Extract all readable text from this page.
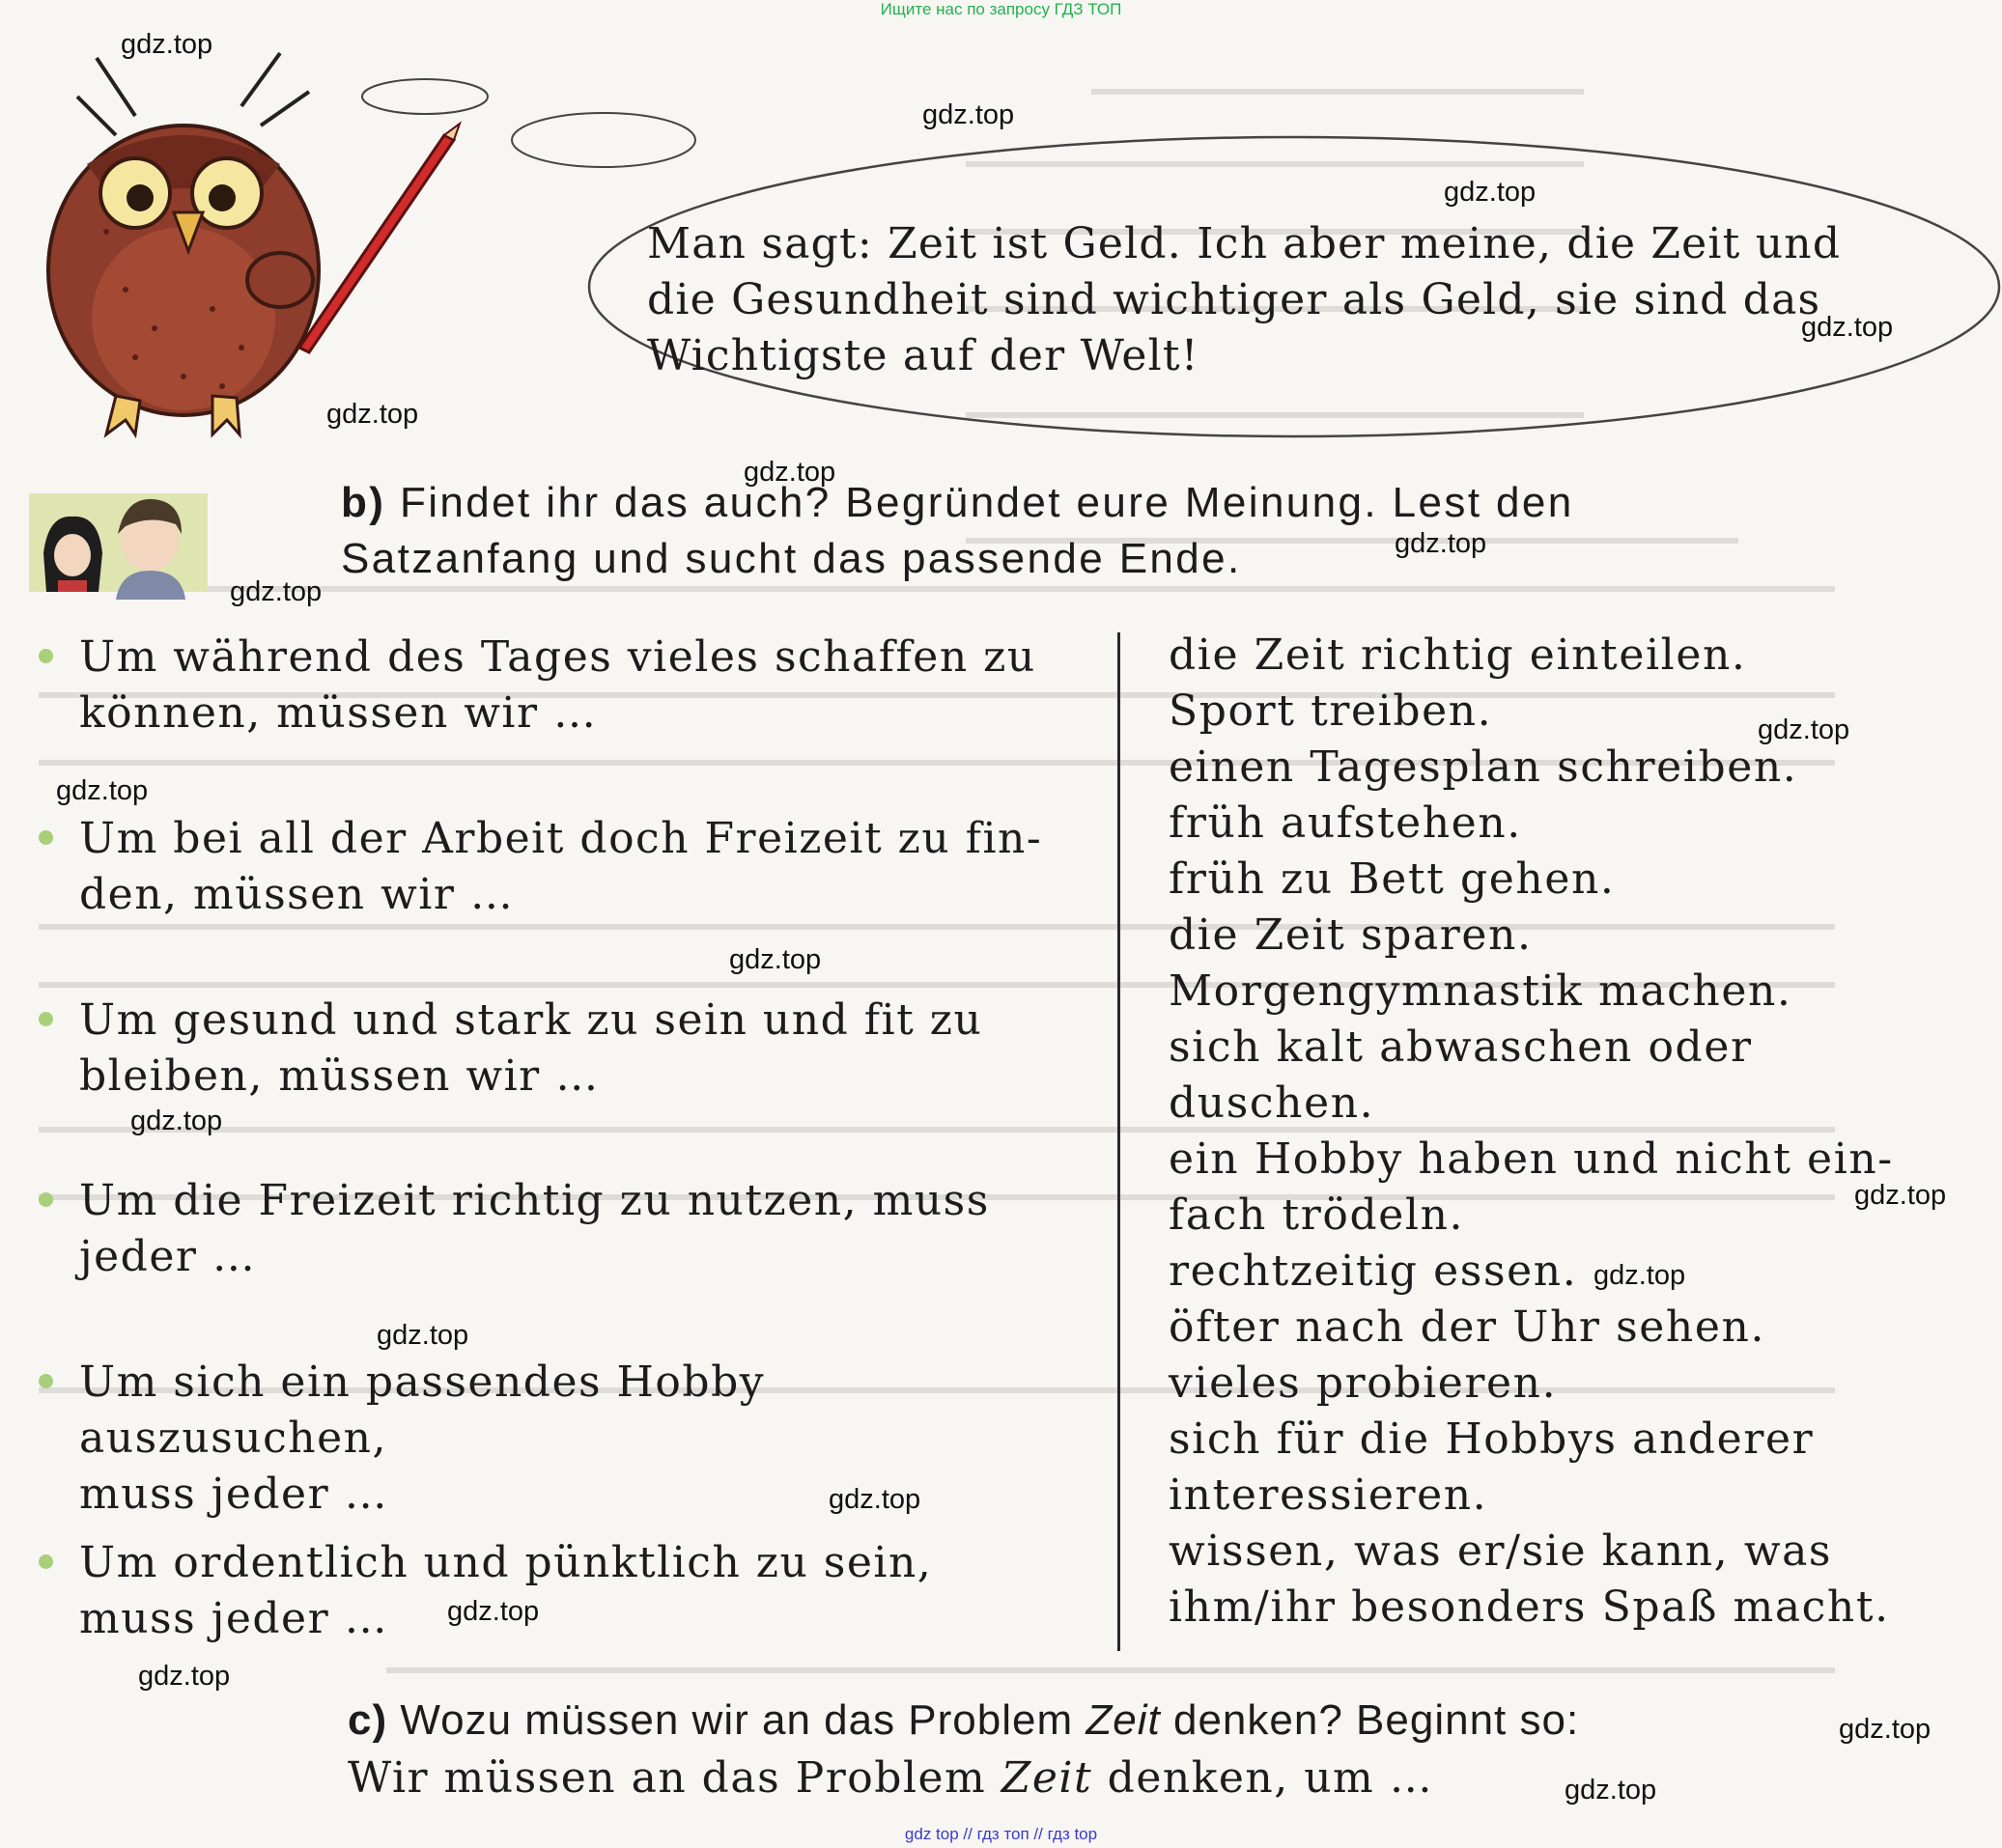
Ищите нас по запросу ГДЗ ТОП
Man sagt: Zeit ist Geld. Ich aber meine, die Zeit und
die Gesundheit sind wichtiger als Geld, sie sind das
Wichtigste auf der Welt!
b) Findet ihr das auch? Begründet eure Meinung. Lest den
Satzanfang und sucht das passende Ende.
Um während des Tages vieles schaffen zu
können, müssen wir …
Um bei all der Arbeit doch Freizeit zu fin-
den, müssen wir …
Um gesund und stark zu sein und fit zu
bleiben, müssen wir …
Um die Freizeit richtig zu nutzen, muss
jeder …
Um sich ein passendes Hobby auszusuchen,
muss jeder …
Um ordentlich und pünktlich zu sein,
muss jeder …
die Zeit richtig einteilen.
Sport treiben.
einen Tagesplan schreiben.
früh aufstehen.
früh zu Bett gehen.
die Zeit sparen.
Morgengymnastik machen.
sich kalt abwaschen oder
duschen.
ein Hobby haben und nicht ein-
fach trödeln.
rechtzeitig essen.
öfter nach der Uhr sehen.
vieles probieren.
sich für die Hobbys anderer
interessieren.
wissen, was er/sie kann, was
ihm/ihr besonders Spaß macht.
c) Wozu müssen wir an das Problem Zeit denken? Beginnt so:
Wir müssen an das Problem Zeit denken, um …
gdz.top
gdz.top
gdz.top
gdz.top
gdz.top
gdz.top
gdz.top
gdz.top
gdz.top
gdz.top
gdz.top
gdz.top
gdz.top
gdz.top
gdz.top
gdz.top
gdz.top
gdz.top
gdz.top
gdz.top
gdz top // гдз топ // гдз top
